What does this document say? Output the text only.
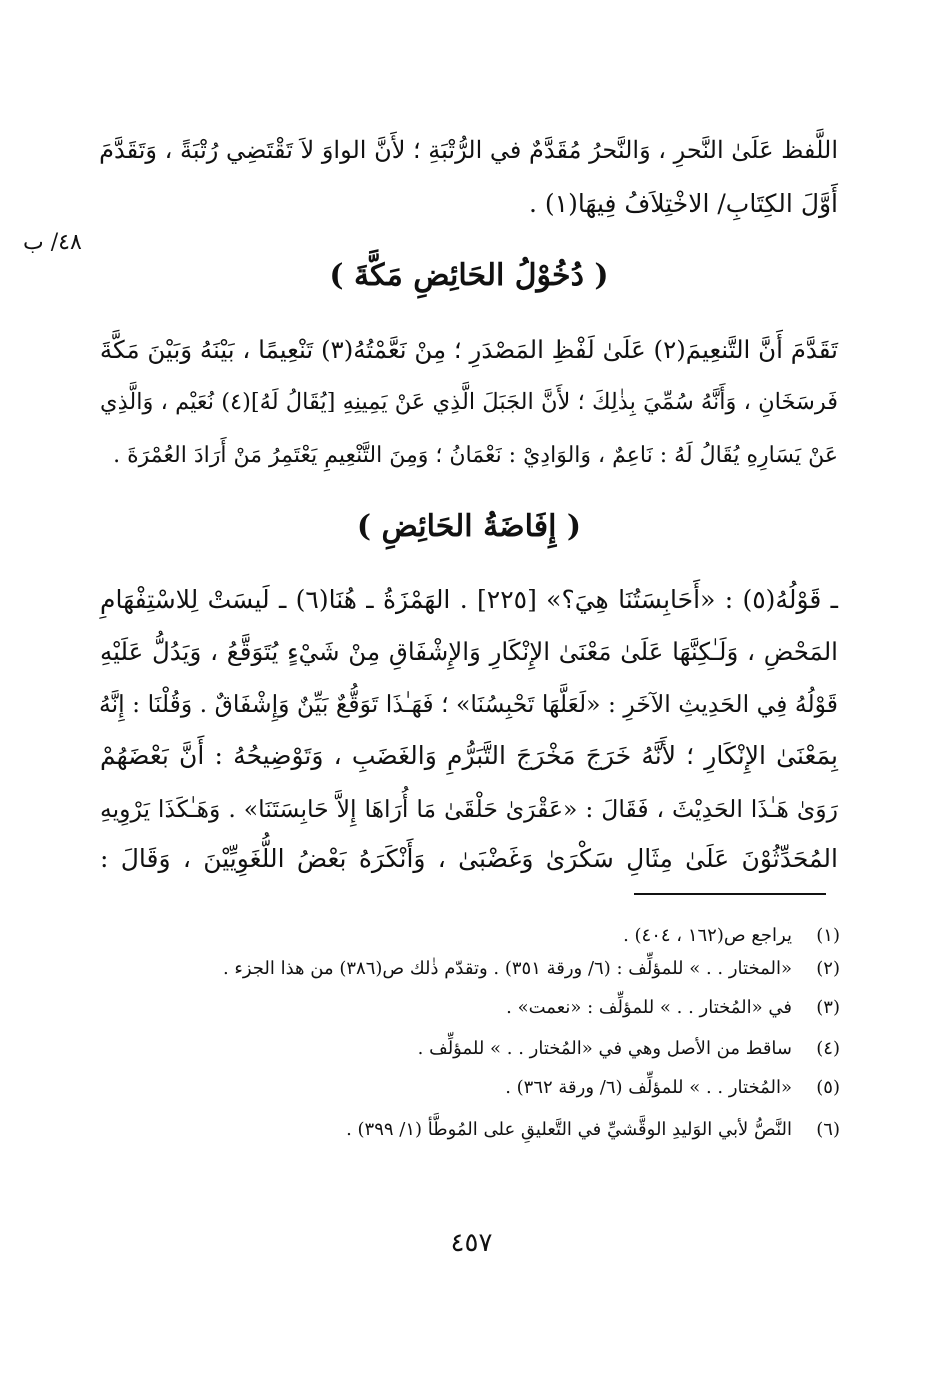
٤٨/ ب
اللَّفظ عَلَىٰ النَّحرِ ، وَالنَّحرُ مُقَدَّمٌ في الرُّتْبَةِ ؛ لأَنَّ الواوَ لاَ تَقْتَضِي رُتْبَةً ، وَتَقَدَّمَ
أَوَّلَ الكِتَابِ/ الاخْتِلاَفُ فِيهَا(١) .
( دُخُوْلُ الحَائِضِ مَكَّةَ )
تَقَدَّمَ أَنَّ التَّنعِيمَ(٢) عَلَىٰ لَفْظِ المَصْدَرِ ؛ مِنْ نَعَّمْتُهُ(٣) تَنْعِيمًا ، بَيْنَهُ وَبَيْنَ مَكَّةَ
فَرسَخَانِ ، وَأَنَّهُ سُمِّيَ بِذٰلِكَ ؛ لأَنَّ الجَبَلَ الَّذِي عَنْ يَمِينِهِ [يُقَالُ لَهُ](٤) نُعَيْم ، وَالَّذِي
عَنْ يَسَارِهِ يُقَالُ لَهُ : نَاعِمٌ ، وَالوَادِيْ : نَعْمَانُ ؛ وَمِنَ التَّنْعِيمِ يَعْتَمِرُ مَنْ أَرَادَ العُمْرَةَ .
( إِفَاضَةُ الحَائِضِ )
ـ قَوْلُهُ(٥) : «أَحَابِسَتُنَا هِيَ؟» [٢٢٥] . الهَمْزَةُ ـ هُنَا(٦) ـ لَيسَتْ لِلاسْتِفْهَامِ
المَحْضِ ، وَلَـٰكِنَّهَا عَلَىٰ مَعْنَىٰ الإِنْكَارِ وَالإِشْفَاقِ مِنْ شَيْءٍ يُتَوَقَّعُ ، وَيَدُلُّ عَلَيْهِ
قَوْلُهُ فِي الحَدِيثِ الآخَرِ : «لَعَلَّهَا تَحْبِسُنَا» ؛ فَهَـٰذَا تَوَقُّعٌ بَيِّنٌ وَإِشْفَاقٌ . وَقُلْنَا : إِنَّهُ
بِمَعْنَىٰ الإِنْكَارِ ؛ لأَنَّهُ خَرَجَ مَخْرَجَ التَّبَرُّمِ وَالغَضَبِ ، وَتَوْضِيحُهُ : أَنَّ بَعْضَهُمْ
رَوَىٰ هَـٰذَا الحَدِيْثَ ، فَقَالَ : «عَقْرَىٰ حَلْقَىٰ مَا أُرَاهَا إِلاَّ حَابِسَتَنَا» . وَهَـٰكَذَا يَرْوِيهِ
المُحَدِّثُوْنَ عَلَىٰ مِثَالِ سَكْرَىٰ وَغَضْبَىٰ ، وَأَنْكَرَهُ بَعْضُ اللُّغَوِيِّيْنَ ، وَقَالَ :
(١)
يراجع ص(١٦٢ ، ٤٠٤) .
(٢)
«المختار . . » للمؤلِّف : (٦/ ورقة ٣٥١) . وتقدّم ذٰلك ص(٣٨٦) من هذا الجزء .
(٣)
في «المُختار . . » للمؤلِّف : «نعمت» .
(٤)
ساقط من الأصل وهي في «المُختار . . » للمؤلِّف .
(٥)
«المُختار . . » للمؤلِّف (٦/ ورقة ٣٦٢) .
(٦)
النَّصُّ لأبي الوَليدِ الوقَّشيِّ في التَّعليقِ على المُوطَّأ (١/ ٣٩٩) .
٤٥٧
